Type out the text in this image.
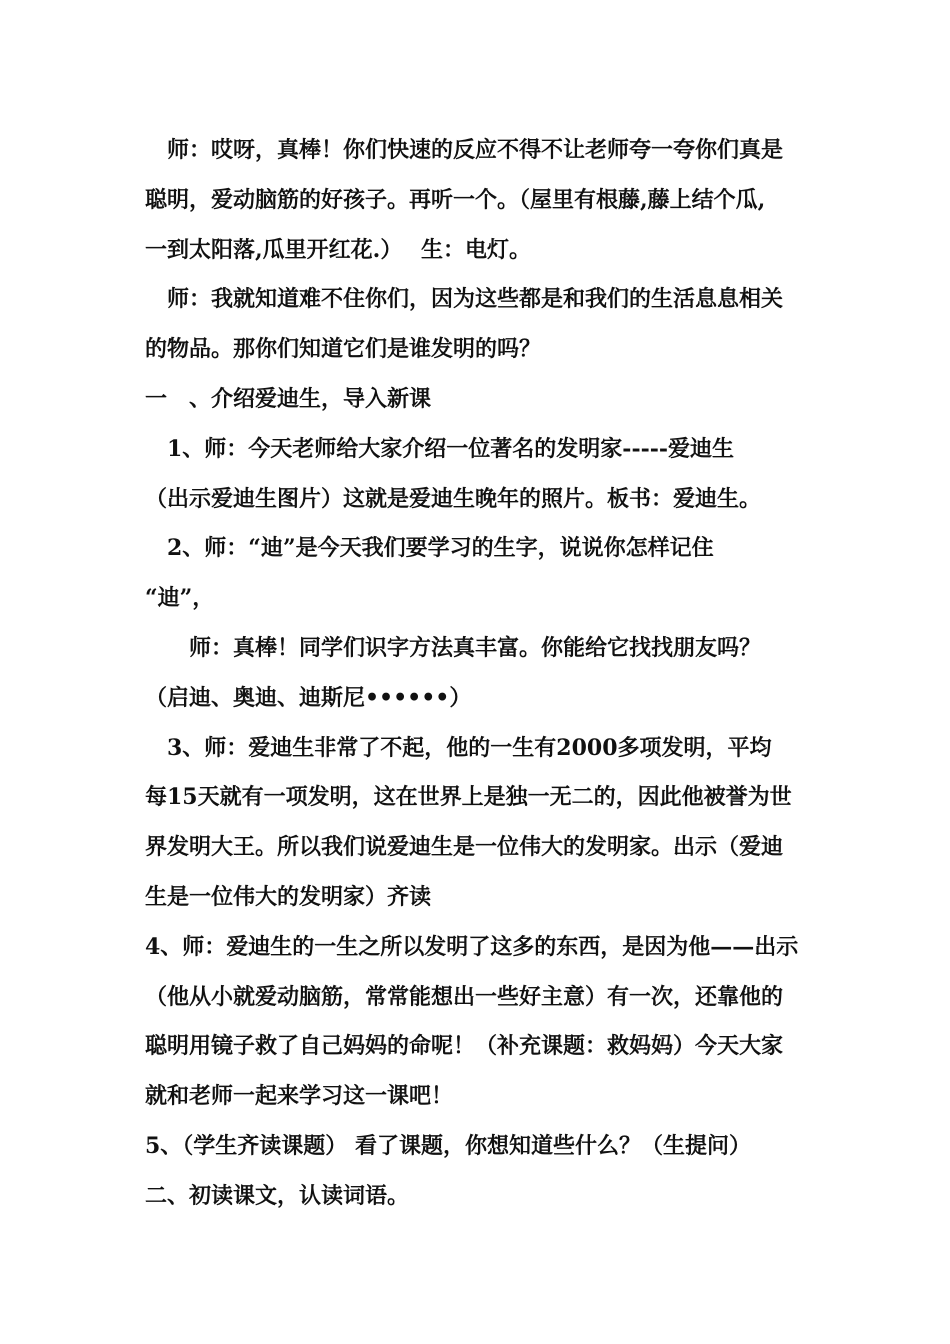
　师：哎呀，真棒！你们快速的反应不得不让老师夸一夸你们真是

聪明，爱动脑筋的好孩子。再听一个。（屋里有根藤,藤上结个瓜,

一到太阳落,瓜里开红花.）　 生：电灯。

　师：我就知道难不住你们，因为这些都是和我们的生活息息相关

的物品。那你们知道它们是谁发明的吗？

一　、介绍爱迪生，导入新课

　1、师：今天老师给大家介绍一位著名的发明家-----爱迪生

（出示爱迪生图片）这就是爱迪生晚年的照片。板书：爱迪生。

　2、师：“迪”是今天我们要学习的生字，说说你怎样记住

“迪”，

　　师：真棒！同学们识字方法真丰富。你能给它找找朋友吗？

（启迪、奥迪、迪斯尼••••••）

　3、师：爱迪生非常了不起，他的一生有2000多项发明，平均

每15天就有一项发明，这在世界上是独一无二的，因此他被誉为世

界发明大王。所以我们说爱迪生是一位伟大的发明家。出示（爱迪

生是一位伟大的发明家）齐读

4、师：爱迪生的一生之所以发明了这多的东西，是因为他——出示

（他从小就爱动脑筋，常常能想出一些好主意）有一次，还靠他的

聪明用镜子救了自己妈妈的命呢！（补充课题：救妈妈）今天大家

就和老师一起来学习这一课吧！

5、（学生齐读课题） 看了课题，你想知道些什么？（生提问）

二、初读课文，认读词语。
